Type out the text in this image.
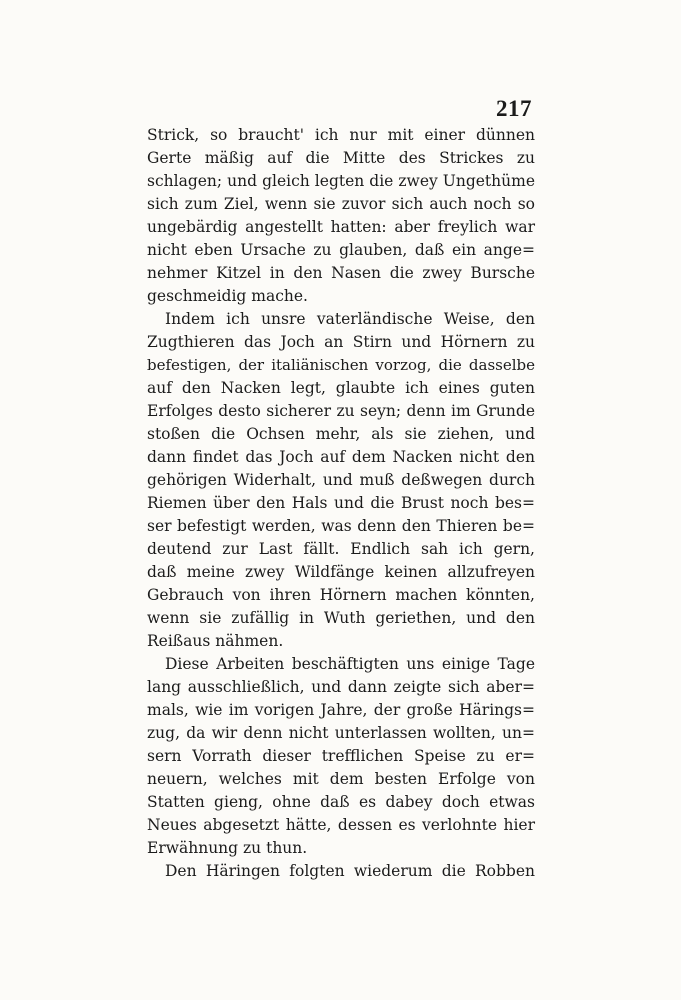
217
Strick, so braucht' ich nur mit einer dünnen
Gerte mäßig auf die Mitte des Strickes zu
schlagen; und gleich legten die zwey Ungethüme
sich zum Ziel, wenn sie zuvor sich auch noch so
ungebärdig angestellt hatten: aber freylich war
nicht eben Ursache zu glauben, daß ein ange=
nehmer Kitzel in den Nasen die zwey Bursche
geschmeidig mache.
Indem ich unsre vaterländische Weise, den
Zugthieren das Joch an Stirn und Hörnern zu
befestigen, der italiänischen vorzog, die dasselbe
auf den Nacken legt, glaubte ich eines guten
Erfolges desto sicherer zu seyn; denn im Grunde
stoßen die Ochsen mehr, als sie ziehen, und
dann findet das Joch auf dem Nacken nicht den
gehörigen Widerhalt, und muß deßwegen durch
Riemen über den Hals und die Brust noch bes=
ser befestigt werden, was denn den Thieren be=
deutend zur Last fällt. Endlich sah ich gern,
daß meine zwey Wildfänge keinen allzufreyen
Gebrauch von ihren Hörnern machen könnten,
wenn sie zufällig in Wuth geriethen, und den
Reißaus nähmen.
Diese Arbeiten beschäftigten uns einige Tage
lang ausschließlich, und dann zeigte sich aber=
mals, wie im vorigen Jahre, der große Härings=
zug, da wir denn nicht unterlassen wollten, un=
sern Vorrath dieser trefflichen Speise zu er=
neuern, welches mit dem besten Erfolge von
Statten gieng, ohne daß es dabey doch etwas
Neues abgesetzt hätte, dessen es verlohnte hier
Erwähnung zu thun.
Den Häringen folgten wiederum die Robben
